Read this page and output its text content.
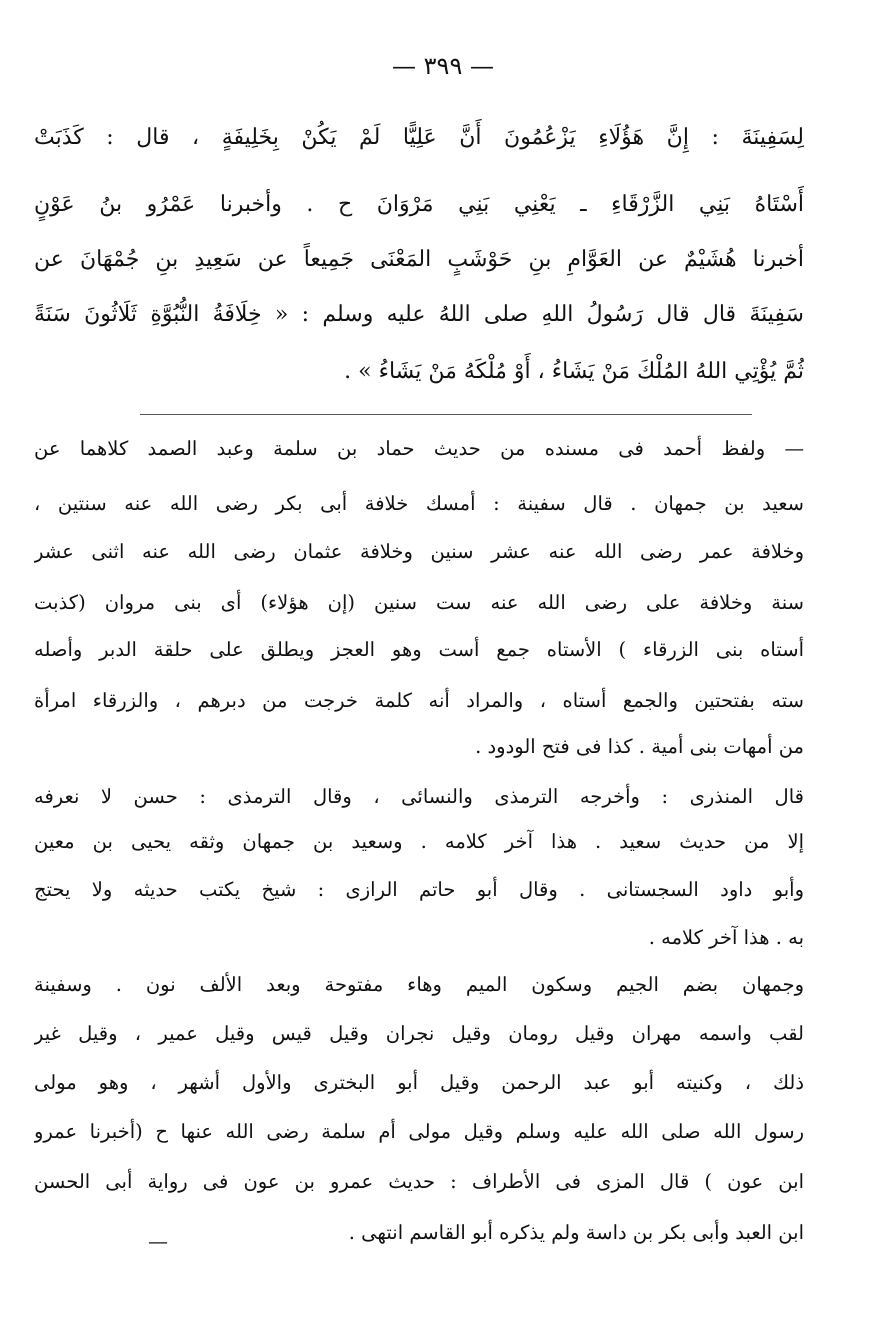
— ٣٩٩ —
لِسَفِينَةَ : إِنَّ هَؤُلَاءِ يَزْعُمُونَ أَنَّ عَلِيًّا لَمْ يَكُنْ بِخَلِيفَةٍ ، قال : كَذَبَتْ
أَسْتَاهُ بَنِي الزَّرْقَاءِ ـ يَعْنِي بَنِي مَرْوَانَ ح . وأخبرنا عَمْرُو بنُ عَوْنٍ
أخبرنا هُشَيْمٌ عن العَوَّامِ بنِ حَوْشَبٍ المَعْنَى جَمِيعاً عن سَعِيدِ بنِ جُمْهَانَ عن
سَفِينَةَ قال قال رَسُولُ اللهِ صلى اللهُ عليه وسلم : « خِلَافَةُ النُّبُوَّةِ ثَلَاثُونَ سَنَةً
ثُمَّ يُؤْتِي اللهُ المُلْكَ مَنْ يَشَاءُ ، أَوْ مُلْكَهُ مَنْ يَشَاءُ » .
— ولفظ أحمد فى مسنده من حديث حماد بن سلمة وعبد الصمد كلاهما عن
سعيد بن جمهان . قال سفينة : أمسك خلافة أبى بكر رضى الله عنه سنتين ،
وخلافة عمر رضى الله عنه عشر سنين وخلافة عثمان رضى الله عنه اثنى عشر
سنة وخلافة على رضى الله عنه ست سنين (إن هؤلاء) أى بنى مروان (كذبت
أستاه بنى الزرقاء ) الأستاه جمع أست وهو العجز ويطلق على حلقة الدبر وأصله
سته بفتحتين والجمع أستاه ، والمراد أنه كلمة خرجت من دبرهم ، والزرقاء امرأة
من أمهات بنى أمية . كذا فى فتح الودود .
قال المنذرى : وأخرجه الترمذى والنسائى ، وقال الترمذى : حسن لا نعرفه
إلا من حديث سعيد . هذا آخر كلامه . وسعيد بن جمهان وثقه يحيى بن معين
وأبو داود السجستانى . وقال أبو حاتم الرازى : شيخ يكتب حديثه ولا يحتج
به . هذا آخر كلامه .
وجمهان بضم الجيم وسكون الميم وهاء مفتوحة وبعد الألف نون . وسفينة
لقب واسمه مهران وقيل رومان وقيل نجران وقيل قيس وقيل عمير ، وقيل غير
ذلك ، وكنيته أبو عبد الرحمن وقيل أبو البخترى والأول أشهر ، وهو مولى
رسول الله صلى الله عليه وسلم وقيل مولى أم سلمة رضى الله عنها ح (أخبرنا عمرو
ابن عون ) قال المزى فى الأطراف : حديث عمرو بن عون فى رواية أبى الحسن
ابن العبد وأبى بكر بن داسة ولم يذكره أبو القاسم انتهى .
—
